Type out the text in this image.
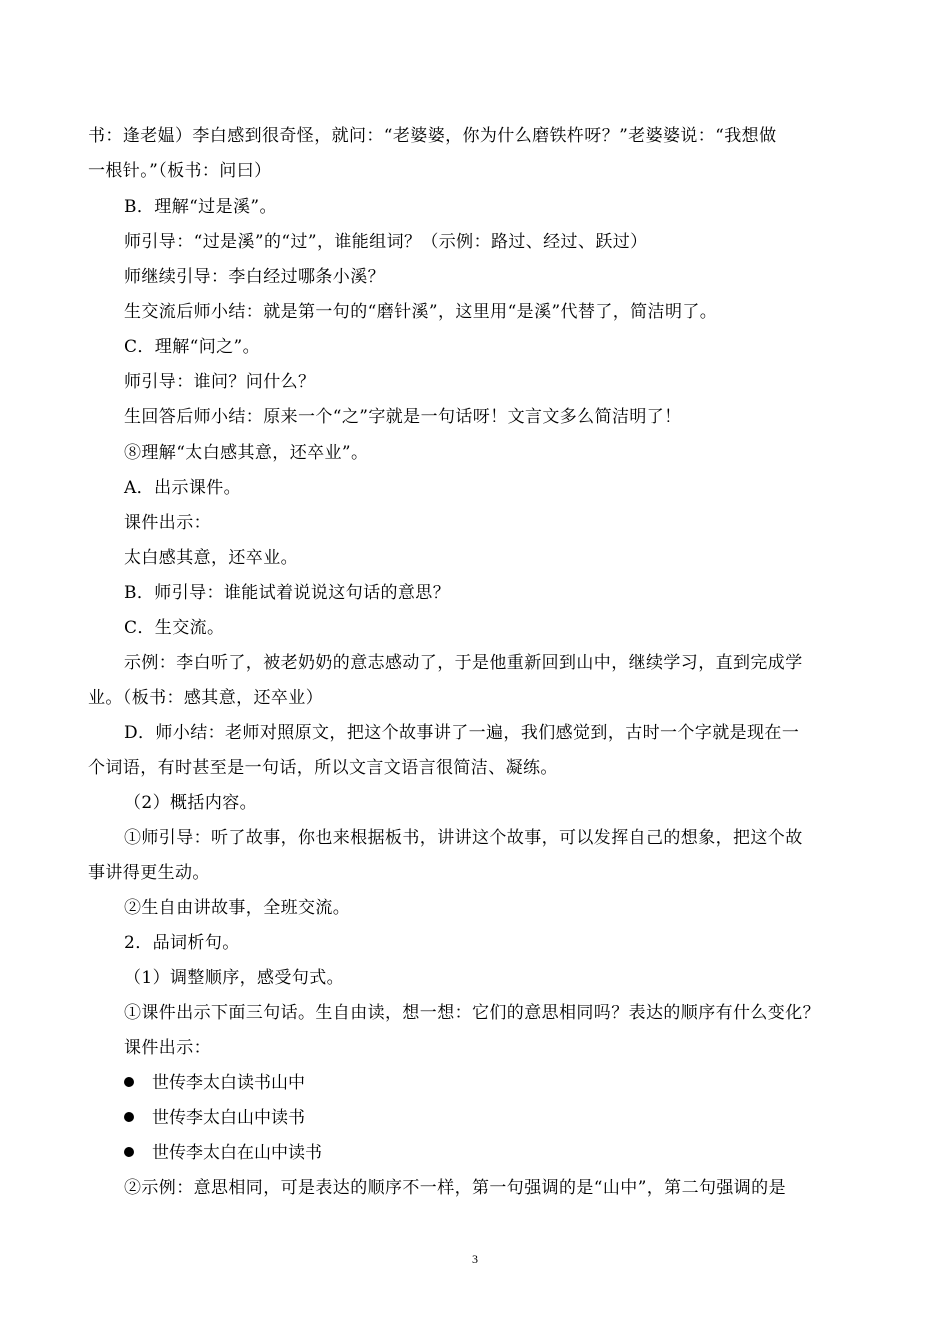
书：逢老媪）李白感到很奇怪，就问：“老婆婆，你为什么磨铁杵呀？”老婆婆说：“我想做
一根针。”（板书：问曰）
B．理解“过是溪”。
师引导：“过是溪”的“过”，谁能组词？（示例：路过、经过、跃过）
师继续引导：李白经过哪条小溪？
生交流后师小结：就是第一句的“磨针溪”，这里用“是溪”代替了，简洁明了。
C．理解“问之”。
师引导：谁问？问什么？
生回答后师小结：原来一个“之”字就是一句话呀！文言文多么简洁明了！
⑧理解“太白感其意，还卒业”。
A．出示课件。
课件出示：
太白感其意，还卒业。
B．师引导：谁能试着说说这句话的意思？
C．生交流。
示例：李白听了，被老奶奶的意志感动了，于是他重新回到山中，继续学习，直到完成学
业。（板书：感其意，还卒业）
D．师小结：老师对照原文，把这个故事讲了一遍，我们感觉到，古时一个字就是现在一
个词语，有时甚至是一句话，所以文言文语言很简洁、凝练。
（2）概括内容。
①师引导：听了故事，你也来根据板书，讲讲这个故事，可以发挥自己的想象，把这个故
事讲得更生动。
②生自由讲故事，全班交流。
2．品词析句。
（1）调整顺序，感受句式。
①课件出示下面三句话。生自由读，想一想：它们的意思相同吗？表达的顺序有什么变化？
课件出示：
世传李太白读书山中
世传李太白山中读书
世传李太白在山中读书
②示例：意思相同，可是表达的顺序不一样，第一句强调的是“山中”，第二句强调的是
3
